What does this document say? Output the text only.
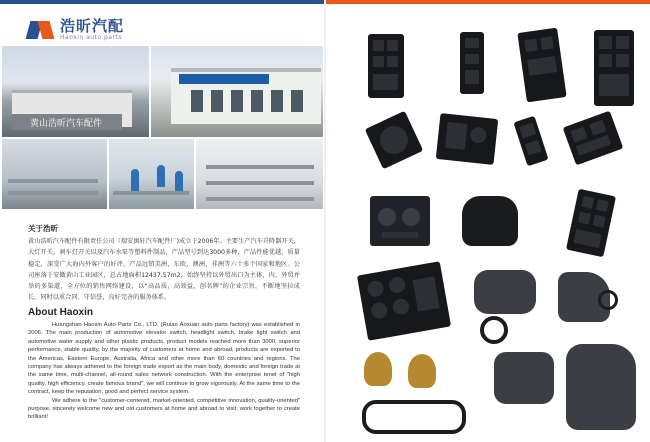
浩昕汽配
Haoxin auto parts
黄山浩昕汽车配件
关于浩昕
黄山浩昕汽车配件有限责任公司（瑞安奥轩汽车配件厂)成立于2006年。主要生产汽车升降器开关、大灯开关，刹车灯开关以及汽车水泵等塑料件制品，产品型号到达3000多种，产品性能优越，质量稳定，深受广大海内外客户的好评，产品远销美洲，东欧，澳洲，非洲等六十多个国家和地区。公司座落于安徽黄山工业园区，总占地面积12437.57m2，始终坚持以外贸出口为主体，内、外贸并举的多渠道、全方位的销售网络建设，以“高品质，高效益，创名牌”的企业宗旨，不断地坚拉成长，同时以重合同、守信誉，良好完善的服务体系。
About Haoxin

Huangshan Haoxin Auto Parts Co., LTD. (Ruian Aoxuan auto parts factory) was established in 2006. The main production of automotive elevator switch, headlight switch, brake light switch and automotive water supply and other plastic products, product models reached more than 3000, superior performance, stable quality, by the majority of customers at home and abroad, products are exported to the Americas, Eastern Europe, Australia, Africa and other more than 60 countries and regions. The company has always adhered to the foreign trade export as the main body, domestic and foreign trade at the same time, multi-channel, all-round sales network construction. With the enterprise tenet of "high quality, high efficiency, create famous brand", we will continue to grow vigorously. At the same time to the contract, keep the reputation, good and perfect service system.

We adhere to the "customer-centered, market-oriented, competitive innovation, quality-oriented" purpose, sincerely welcome new and old customers at home and abroad to visit, work together to create brilliant!
